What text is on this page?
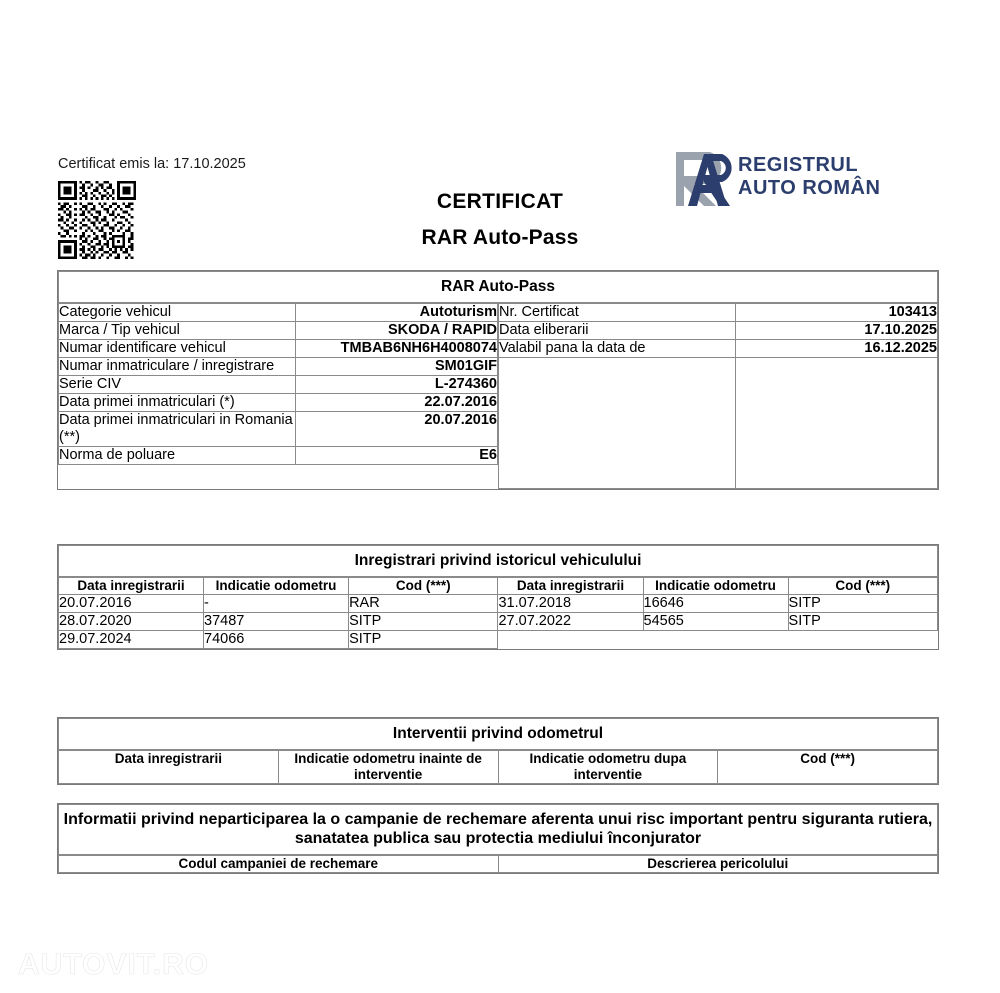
Certificat emis la: 17.10.2025
CERTIFICAT
RAR Auto-Pass
REGISTRUL
AUTO ROMÂN
RAR Auto-Pass
Categorie vehicul	Autoturism
Marca / Tip vehicul	SKODA / RAPID
Numar identificare vehicul	TMBAB6NH6H4008074
Numar inmatriculare / inregistrare	SM01GIF
Serie CIV	L-274360
Data primei inmatriculari (*)	22.07.2016
Data primei inmatriculari in Romania (**)	20.07.2016
Norma de poluare	E6
Nr. Certificat	103413
Data eliberarii	17.10.2025
Valabil pana la data de	16.12.2025

Inregistrari privind istoricul vehiculului
Data inregistrarii	Indicatie odometru	Cod (***)	Data inregistrarii	Indicatie odometru	Cod (***)
20.07.2016	-	RAR	31.07.2018	16646	SITP
28.07.2020	37487	SITP	27.07.2022	54565	SITP
29.07.2024	74066	SITP			
Interventii privind odometrul
Data inregistrarii	Indicatie odometru inainte de interventie	Indicatie odometru dupa interventie	Cod (***)
Informatii privind neparticiparea la o campanie de rechemare aferenta unui risc important pentru siguranta rutiera, sanatatea publica sau protectia mediului înconjurator
Codul campaniei de rechemare	Descrierea pericolului
AUTOVIT.RO
